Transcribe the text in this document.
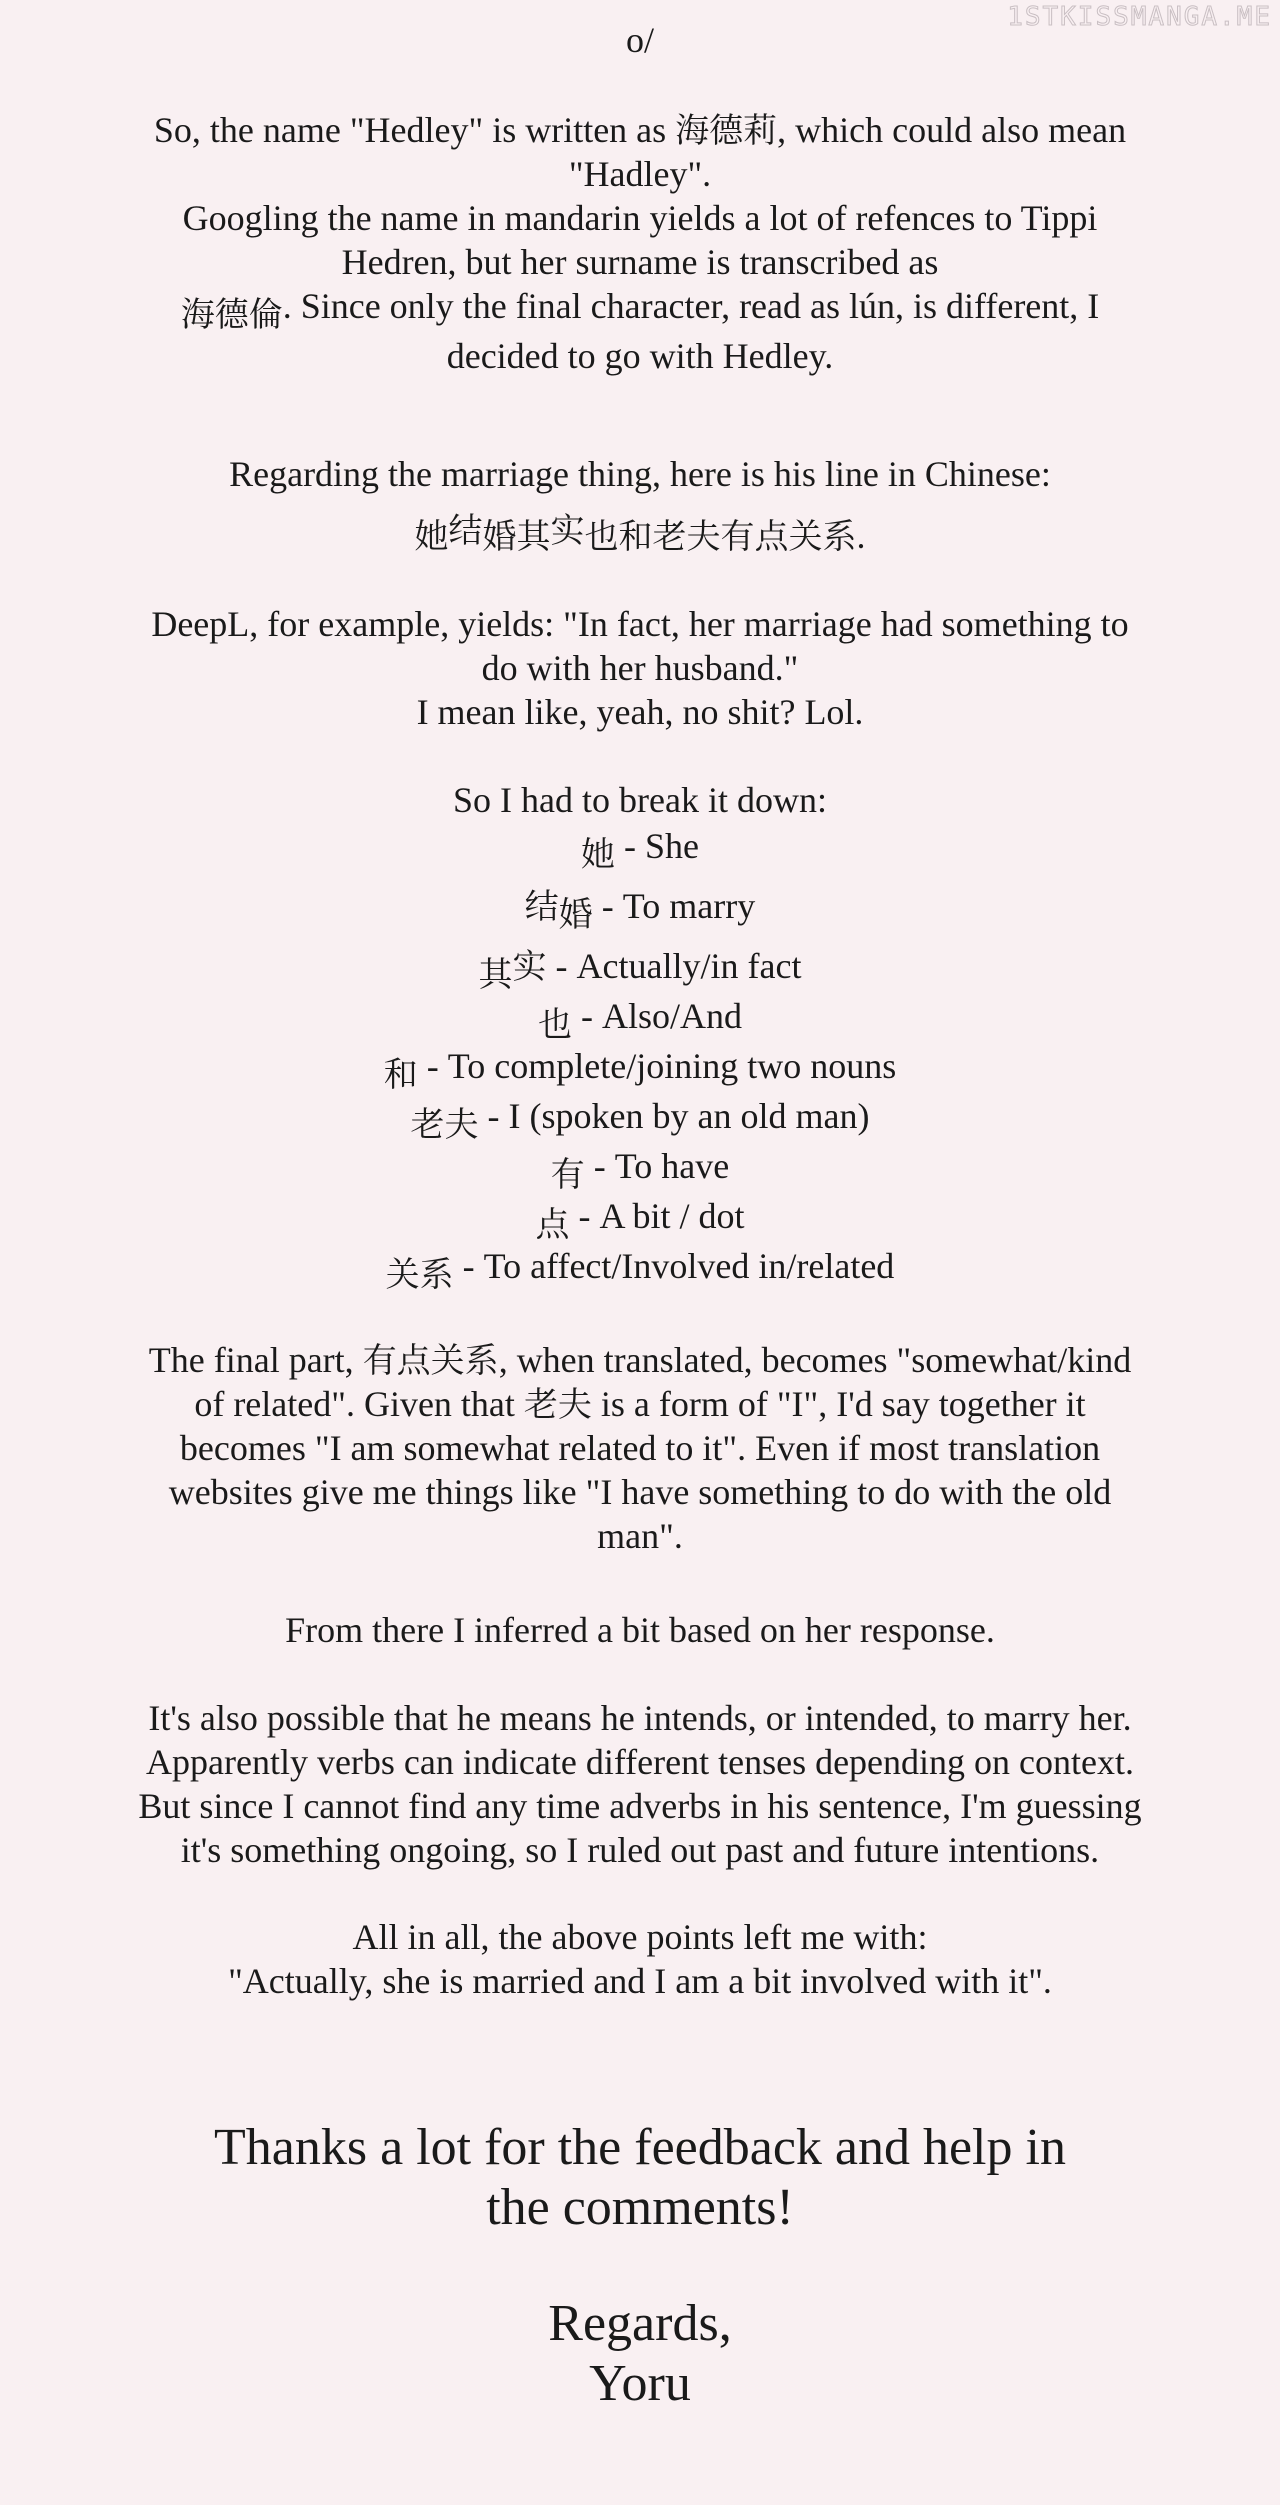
1STKISSMANGA.ME
o/
So, the name "Hedley" is written as 海德莉, which could also mean
"Hadley".
Googling the name in mandarin yields a lot of refences to Tippi
Hedren, but her surname is transcribed as
海德倫. Since only the final character, read as lún, is different, I
decided to go with Hedley.
Regarding the marriage thing, here is his line in Chinese:
她结婚其实也和老夫有点关系.
DeepL, for example, yields: "In fact, her marriage had something to
do with her husband."
I mean like, yeah, no shit? Lol.
So I had to break it down:
她 - She
结婚 - To marry
其实 - Actually/in fact
也 - Also/And
和 - To complete/joining two nouns
老夫 - I (spoken by an old man)
有 - To have
点 - A bit / dot
关系 - To affect/Involved in/related
The final part, 有点关系, when translated, becomes "somewhat/kind
of related". Given that 老夫 is a form of "I", I'd say together it
becomes "I am somewhat related to it". Even if most translation
websites give me things like "I have something to do with the old
man".
From there I inferred a bit based on her response.
It's also possible that he means he intends, or intended, to marry her.
Apparently verbs can indicate different tenses depending on context.
But since I cannot find any time adverbs in his sentence, I'm guessing
it's something ongoing, so I ruled out past and future intentions.
All in all, the above points left me with:
"Actually, she is married and I am a bit involved with it".
Thanks a lot for the feedback and help in
the comments!
Regards,
Yoru
